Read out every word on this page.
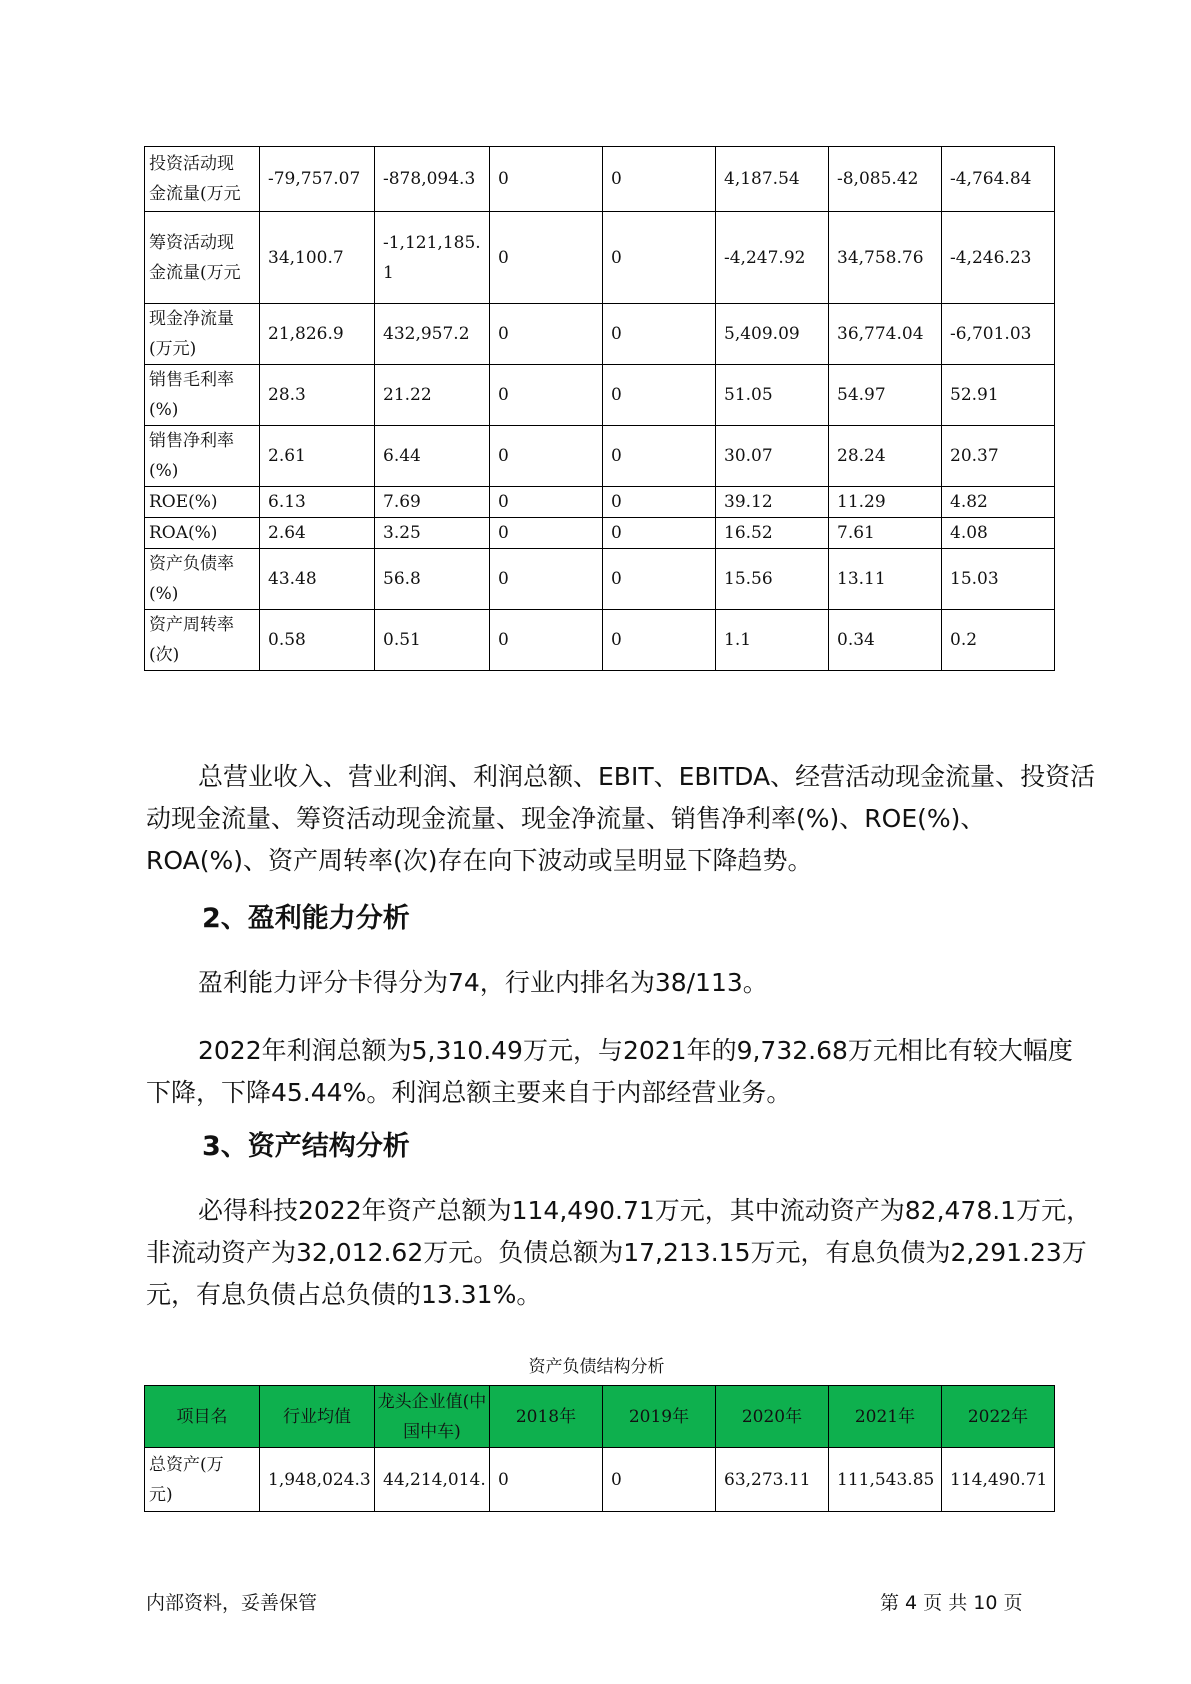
投资活动现
金流量(万元	-79,757.07	-878,094.3	0	0	4,187.54	-8,085.42	-4,764.84

筹资活动现
金流量(万元	34,100.7	-1,121,185.1	0	0	-4,247.92	34,758.76	-4,246.23

现金净流量
(万元)	21,826.9	432,957.2	0	0	5,409.09	36,774.04	-6,701.03

销售毛利率
(%)	28.3	21.22	0	0	51.05	54.97	52.91

销售净利率
(%)	2.61	6.44	0	0	30.07	28.24	20.37

ROE(%)	6.13	7.69	0	0	39.12	11.29	4.82

ROA(%)	2.64	3.25	0	0	16.52	7.61	4.08

资产负债率
(%)	43.48	56.8	0	0	15.56	13.11	15.03

资产周转率
(次)	0.58	0.51	0	0	1.1	0.34	0.2

总营业收入、营业利润、利润总额、EBIT、EBITDA、经营活动现金流量、投资活动现金流量、筹资活动现金流量、现金净流量、销售净利率(%)、ROE(%)、ROA(%)、资产周转率(次)存在向下波动或呈明显下降趋势。

2、盈利能力分析

盈利能力评分卡得分为74，行业内排名为38/113。

2022年利润总额为5,310.49万元，与2021年的9,732.68万元相比有较大幅度下降，下降45.44%。利润总额主要来自于内部经营业务。

3、资产结构分析

必得科技2022年资产总额为114,490.71万元，其中流动资产为82,478.1万元，非流动资产为32,012.62万元。负债总额为17,213.15万元，有息负债为2,291.23万元，有息负债占总负债的13.31%。

资产负债结构分析

项目名	行业均值	龙头企业值(中国中车)	2018年	2019年	2020年	2021年	2022年

总资产(万
元)	1,948,024.3	44,214,014.	0	0	63,273.11	111,543.85	114,490.71

内部资料，妥善保管	第 4 页 共 10 页
